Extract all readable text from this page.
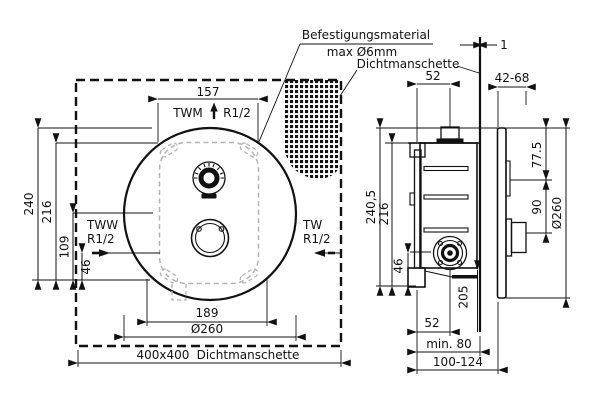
157
TWM R1/2
240 216
109
46
TWW
R1/2
TW
R1/2
189
Ø260
400x400 Dichtmanschette
Befestigungsmaterial
max Ø6mm
Dichtmanschette
1
52	42-68
240,5 216
46
77.5
90 Ø260
205
52
min. 80
100-124
